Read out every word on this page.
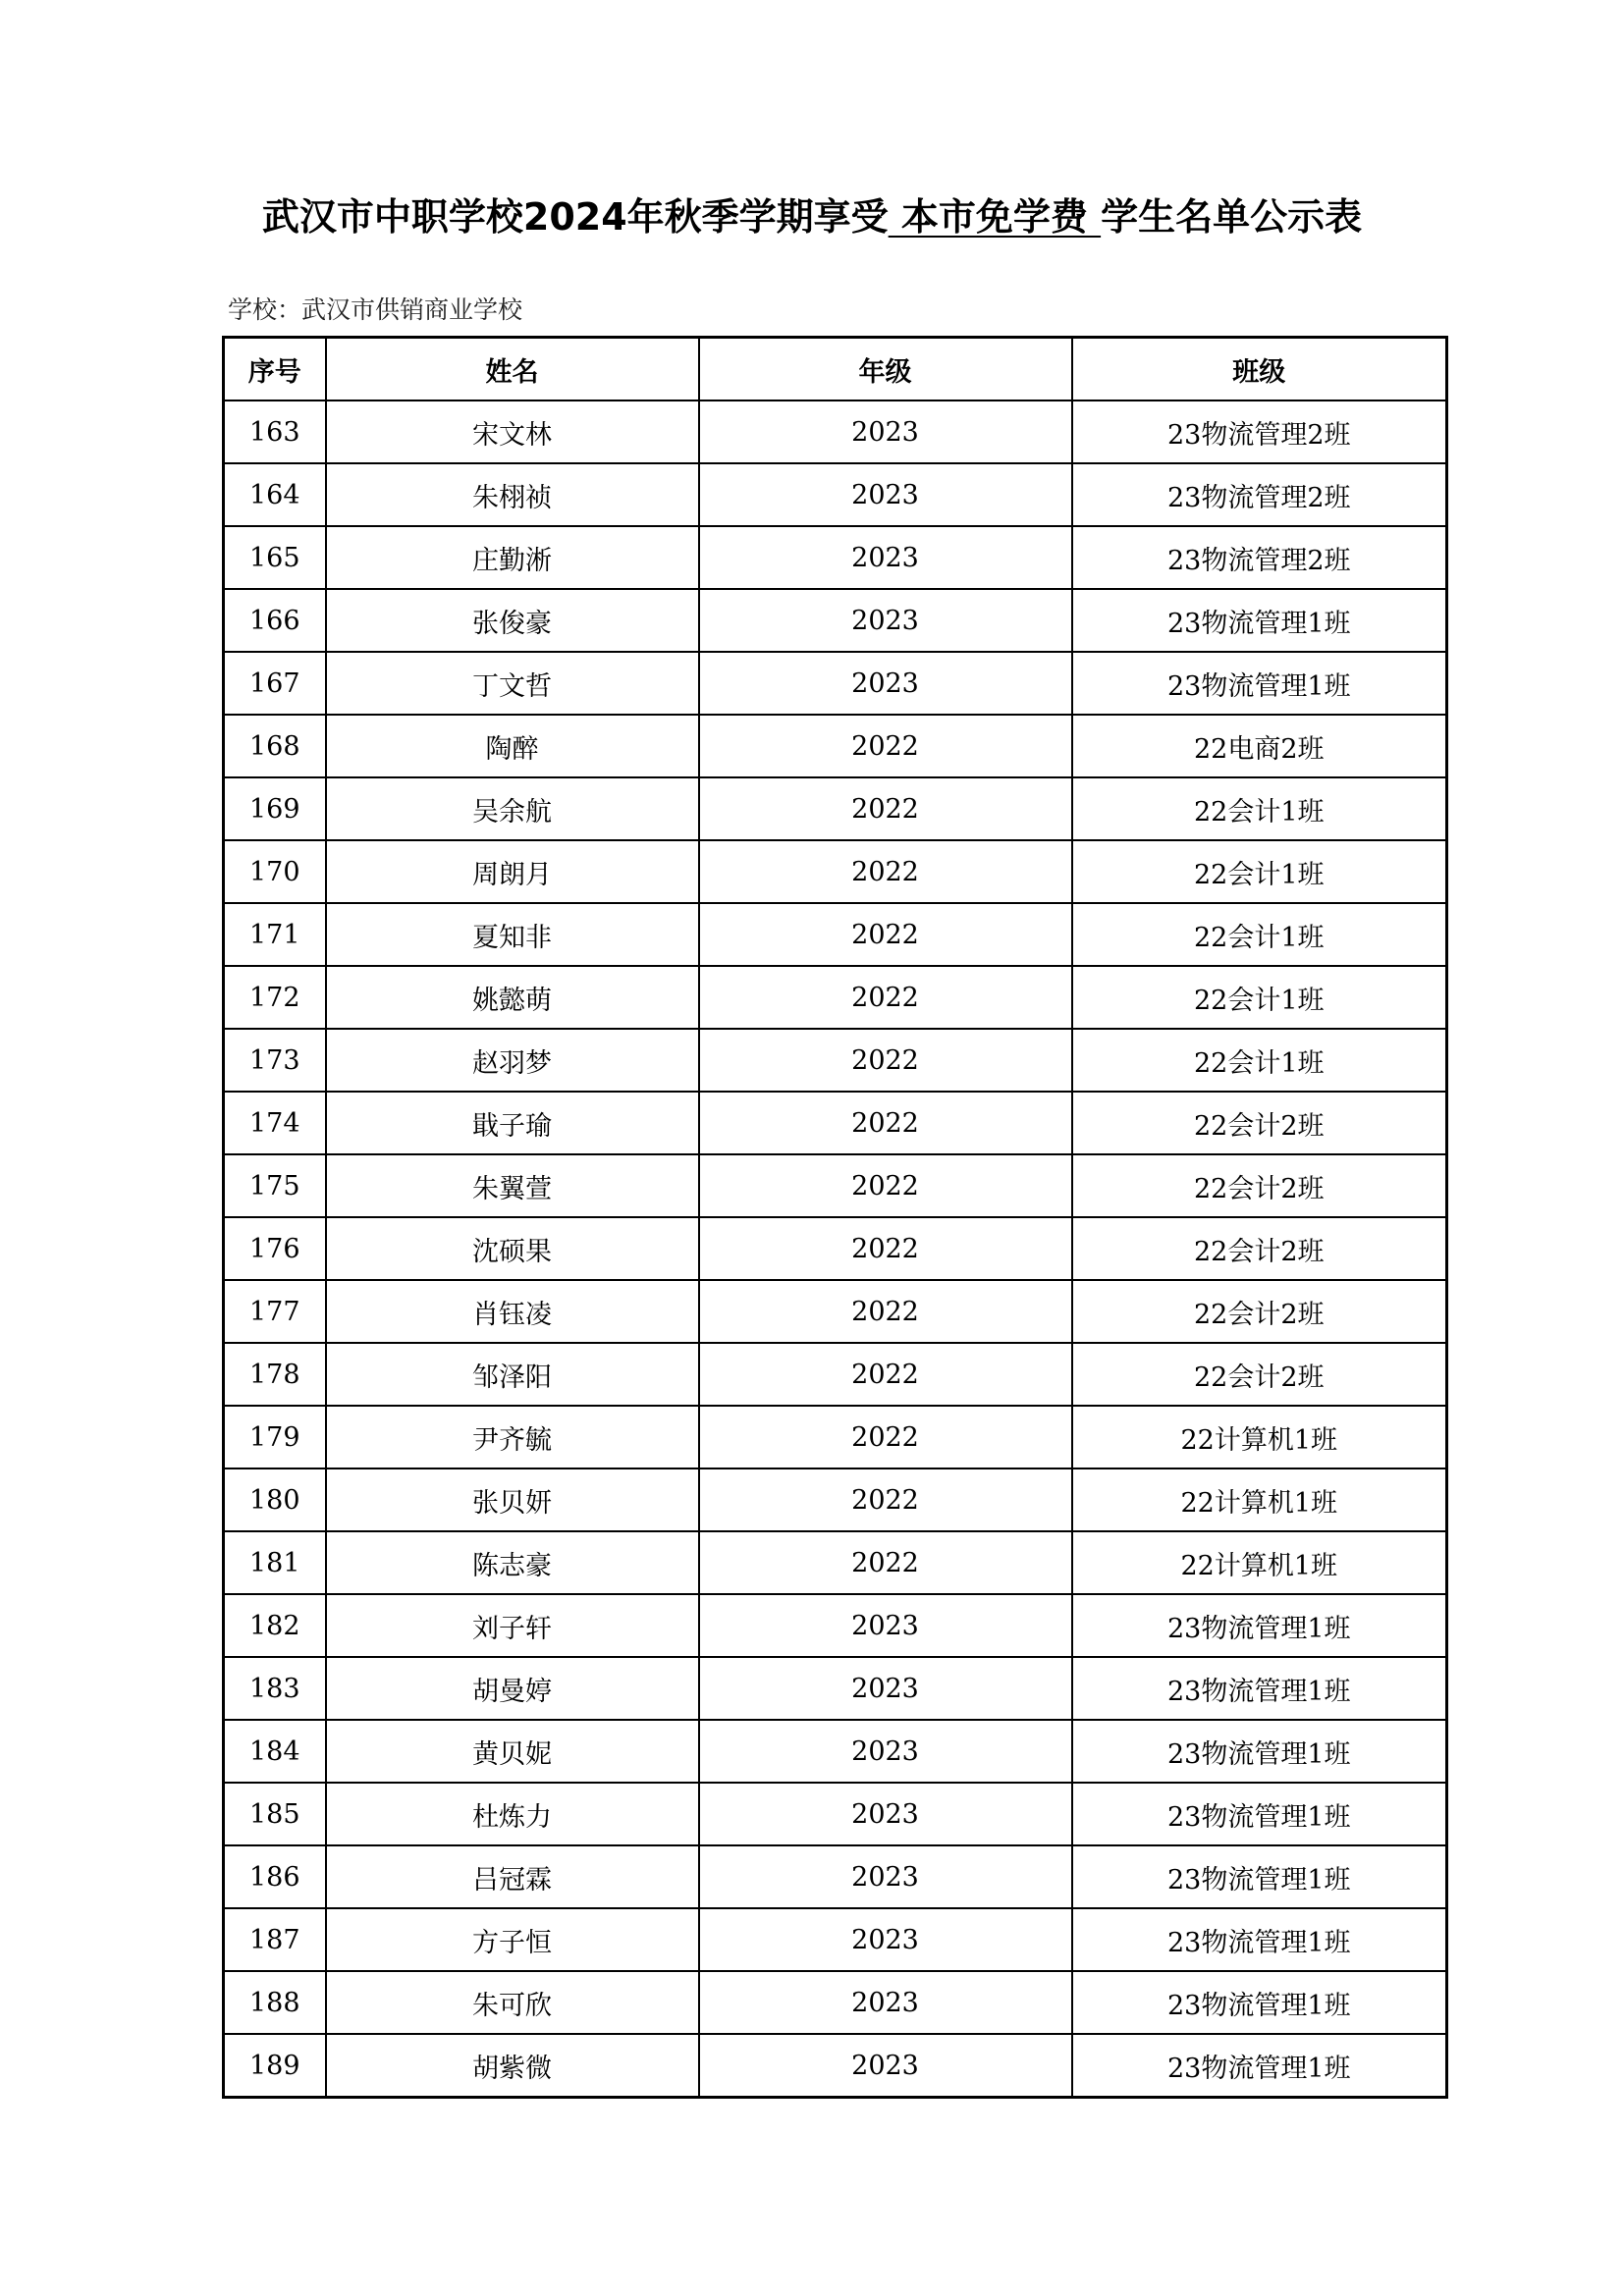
武汉市中职学校2024年秋季学期享受 本市免学费 学生名单公示表
学校：武汉市供销商业学校
序号	姓名	年级	班级
163	宋文林	2023	23物流管理2班
164	朱栩祯	2023	23物流管理2班
165	庄勤淅	2023	23物流管理2班
166	张俊豪	2023	23物流管理1班
167	丁文哲	2023	23物流管理1班
168	陶醉	2022	22电商2班
169	吴余航	2022	22会计1班
170	周朗月	2022	22会计1班
171	夏知非	2022	22会计1班
172	姚懿萌	2022	22会计1班
173	赵羽梦	2022	22会计1班
174	戢子瑜	2022	22会计2班
175	朱翼萱	2022	22会计2班
176	沈硕果	2022	22会计2班
177	肖钰凌	2022	22会计2班
178	邹泽阳	2022	22会计2班
179	尹齐毓	2022	22计算机1班
180	张贝妍	2022	22计算机1班
181	陈志豪	2022	22计算机1班
182	刘子轩	2023	23物流管理1班
183	胡曼婷	2023	23物流管理1班
184	黄贝妮	2023	23物流管理1班
185	杜炼力	2023	23物流管理1班
186	吕冠霖	2023	23物流管理1班
187	方子恒	2023	23物流管理1班
188	朱可欣	2023	23物流管理1班
189	胡紫微	2023	23物流管理1班
